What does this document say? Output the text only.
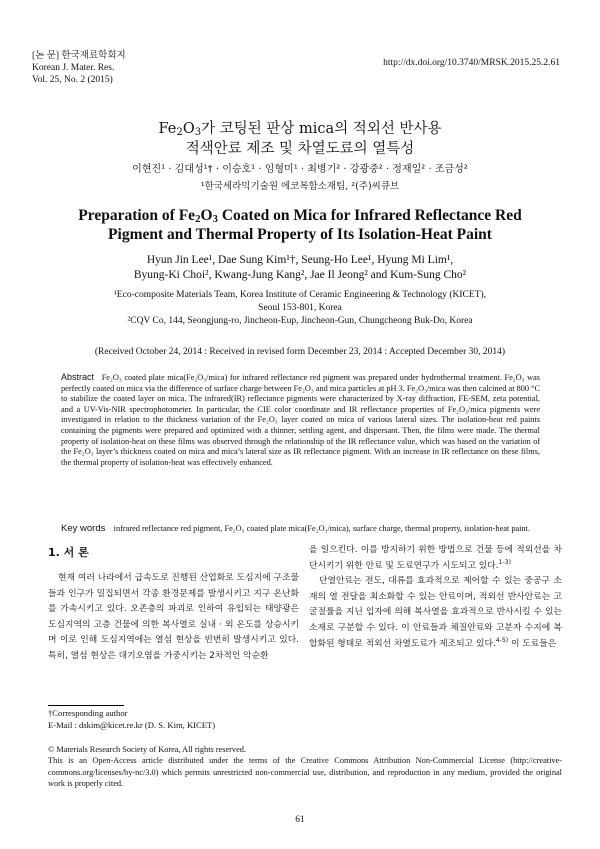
[논 문] 한국재료학회지
Korean J. Mater. Res.
Vol. 25, No. 2 (2015)
http://dx.doi.org/10.3740/MRSK.2015.25.2.61
$Fe_2O_3$가 코팅된 판상 mica의 적외선 반사용
적색안료 제조 및 차열도료의 열특성
이현진¹ · 김대성¹† · 이승호¹ · 임형미¹ · 최병기² · 강광중² · 정재일² · 조금성²
¹한국세라믹기술원 에코복합소재팀, ²(주)씨큐브
Preparation of $Fe_2O_3$ Coated on Mica for Infrared Reflectance Red
Pigment and Thermal Property of Its Isolation-Heat Paint
Hyun Jin Lee¹, Dae Sung Kim¹†, Seung-Ho Lee¹, Hyung Mi Lim¹,
Byung-Ki Choi², Kwang-Jung Kang², Jae Il Jeong² and Kum-Sung Cho²
¹Eco-composite Materials Team, Korea Institute of Ceramic Engineering & Technology (KICET),
Seoul 153-801, Korea
²CQV Co, 144, Seongjung-ro, Jincheon-Eup, Jincheon-Gun, Chungcheong Buk-Do, Korea
(Received October 24, 2014 : Received in revised form December 23, 2014 : Accepted December 30, 2014)
Abstract Fe₂O₃ coated plate mica(Fe₂O₃/mica) for infrared reflectance red pigment was prepared under hydrothermal treatment. Fe₂O₃ was perfectly coated on mica via the difference of surface charge between Fe₂O₃ and mica particles at pH 3. Fe₂O₃/mica was then calcined at 800 °C to stabilize the coated layer on mica. The infrared(IR) reflectance pigments were characterized by X-ray diffraction, FE-SEM, zeta potential, and a UV-Vis-NIR spectrophotometer. In particular, the CIE color coordinate and IR reflectance properties of Fe₂O₃/mica pigments were investigated in relation to the thickness variation of the Fe₂O₃ layer coated on mica of various lateral sizes. The isolation-heat red paints containing the pigments were prepared and optimized with a thinner, settling agent, and dispersant. Then, the films were made. The thermal property of isolation-heat on these films was observed through the relationship of the IR reflectance value, which was based on the variation of the Fe₂O₃ layer’s thickness coated on mica and mica’s lateral size as IR reflectance pigment. With an increase in IR reflectance on these films, the thermal property of isolation-heat was effectively enhanced.
Key words infrared reflectance red pigment, Fe₂O₃ coated plate mica(Fe₂O₃/mica), surface charge, thermal property, isolation-heat paint.
1. 서 론
현재 여러 나라에서 급속도로 진행된 산업화로 도심지에 구조물들과 인구가 밀집되면서 각종 환경문제를 발생시키고 지구 온난화를 가속시키고 있다. 오존층의 파괴로 인하여 유입되는 태양광은 도심지역의 고층 건물에 의한 복사열로 실내 · 외 온도를 상승시키며 이로 인해 도심지역에는 열섬 현상을 빈번히 발생시키고 있다. 특히, 열섬 현상은 대기오염을 가중시키는 2차적인 악순환

을 일으킨다. 이를 방지하기 위한 방법으로 건물 등에 적외선을 차단시키기 위한 안료 및 도료연구가 시도되고 있다.$^{1-3)}$

단열안료는 전도, 대류를 효과적으로 제어할 수 있는 중공구 소재의 열 전달을 최소화할 수 있는 안료이며, 적외선 반사안료는 고 굴절률을 지닌 입자에 의해 복사열을 효과적으로 반사시킬 수 있는 소재로 구분할 수 있다. 이 안료들과 체질안료와 고분자 수지에 복합화된 형태로 적외선 차열도료가 제조되고 있다.$^{4-5)}$ 이 도료들은

†Corresponding author
E-Mail : dskim@kicet.re.kr (D. S. Kim, KICET)
© Materials Research Society of Korea, All rights reserved.
This is an Open-Access article distributed under the terms of the Creative Commons Attribution Non-Commercial License (http://creative-commons.org/licenses/by-nc/3.0) which permits unrestricted non-commercial use, distribution, and reproduction in any medium, provided the original work is properly cited.
61
